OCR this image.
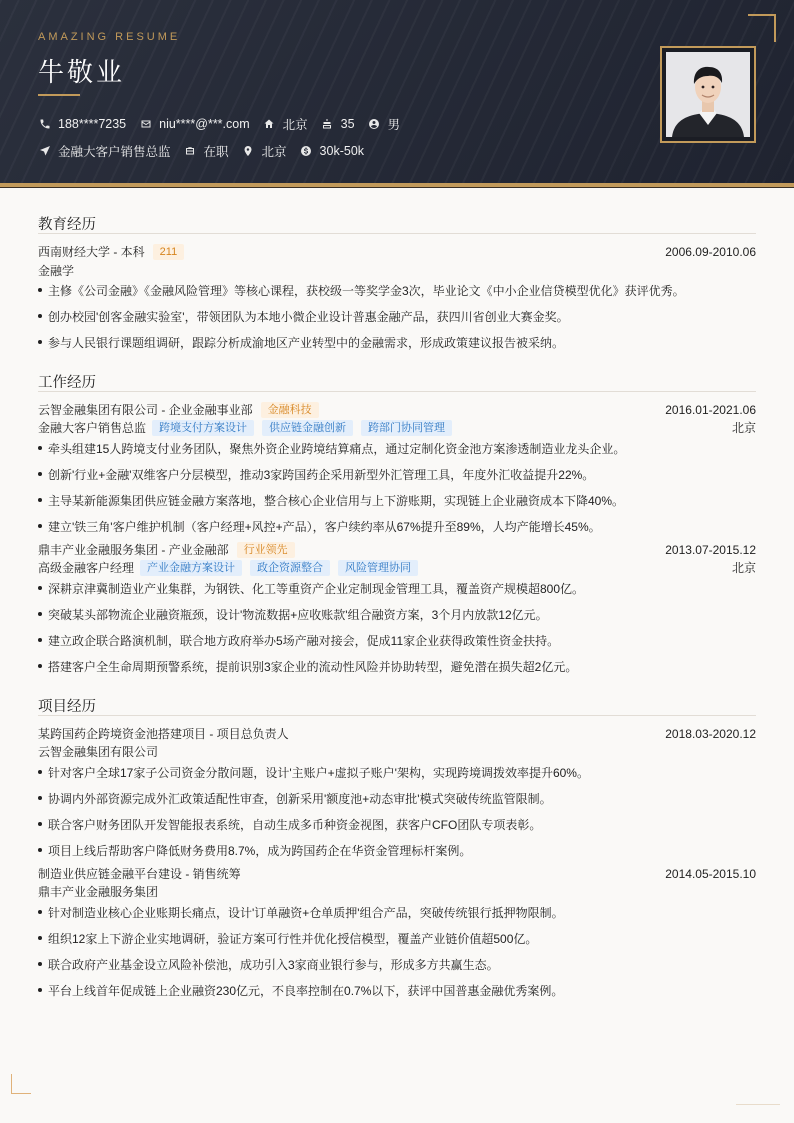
AMAZING RESUME
牛敬业
188****7235	niu****@***.com	北京	35	男
金融大客户销售总监	在职	北京	30k-50k
教育经历
西南财经大学 - 本科	211	2006.09-2010.06
金融学
主修《公司金融》《金融风险管理》等核心课程，获校级一等奖学金3次，毕业论文《中小企业信贷模型优化》获评优秀。
创办校园'创客金融实验室'，带领团队为本地小微企业设计普惠金融产品，获四川省创业大赛金奖。
参与人民银行课题组调研，跟踪分析成渝地区产业转型中的金融需求，形成政策建议报告被采纳。
工作经历
云智金融集团有限公司 - 企业金融事业部	金融科技	2016.01-2021.06
金融大客户销售总监	跨境支付方案设计	供应链金融创新	跨部门协同管理	北京
牵头组建15人跨境支付业务团队，聚焦外资企业跨境结算痛点，通过定制化资金池方案渗透制造业龙头企业。
创新'行业+金融'双维客户分层模型，推动3家跨国药企采用新型外汇管理工具，年度外汇收益提升22%。
主导某新能源集团供应链金融方案落地，整合核心企业信用与上下游账期，实现链上企业融资成本下降40%。
建立'铁三角'客户维护机制（客户经理+风控+产品），客户续约率从67%提升至89%，人均产能增长45%。
鼎丰产业金融服务集团 - 产业金融部	行业领先	2013.07-2015.12
高级金融客户经理	产业金融方案设计	政企资源整合	风险管理协同	北京
深耕京津冀制造业产业集群，为钢铁、化工等重资产企业定制现金管理工具，覆盖资产规模超800亿。
突破某头部物流企业融资瓶颈，设计'物流数据+应收账款'组合融资方案，3个月内放款12亿元。
建立政企联合路演机制，联合地方政府举办5场产融对接会，促成11家企业获得政策性资金扶持。
搭建客户全生命周期预警系统，提前识别3家企业的流动性风险并协助转型，避免潜在损失超2亿元。
项目经历
某跨国药企跨境资金池搭建项目 - 项目总负责人	2018.03-2020.12
云智金融集团有限公司
针对客户全球17家子公司资金分散问题，设计'主账户+虚拟子账户'架构，实现跨境调拨效率提升60%。
协调内外部资源完成外汇政策适配性审查，创新采用'额度池+动态审批'模式突破传统监管限制。
联合客户财务团队开发智能报表系统，自动生成多币种资金视图，获客户CFO团队专项表彰。
项目上线后帮助客户降低财务费用8.7%，成为跨国药企在华资金管理标杆案例。
制造业供应链金融平台建设 - 销售统筹	2014.05-2015.10
鼎丰产业金融服务集团
针对制造业核心企业账期长痛点，设计'订单融资+仓单质押'组合产品，突破传统银行抵押物限制。
组织12家上下游企业实地调研，验证方案可行性并优化授信模型，覆盖产业链价值超500亿。
联合政府产业基金设立风险补偿池，成功引入3家商业银行参与，形成多方共赢生态。
平台上线首年促成链上企业融资230亿元，不良率控制在0.7%以下，获评中国普惠金融优秀案例。
